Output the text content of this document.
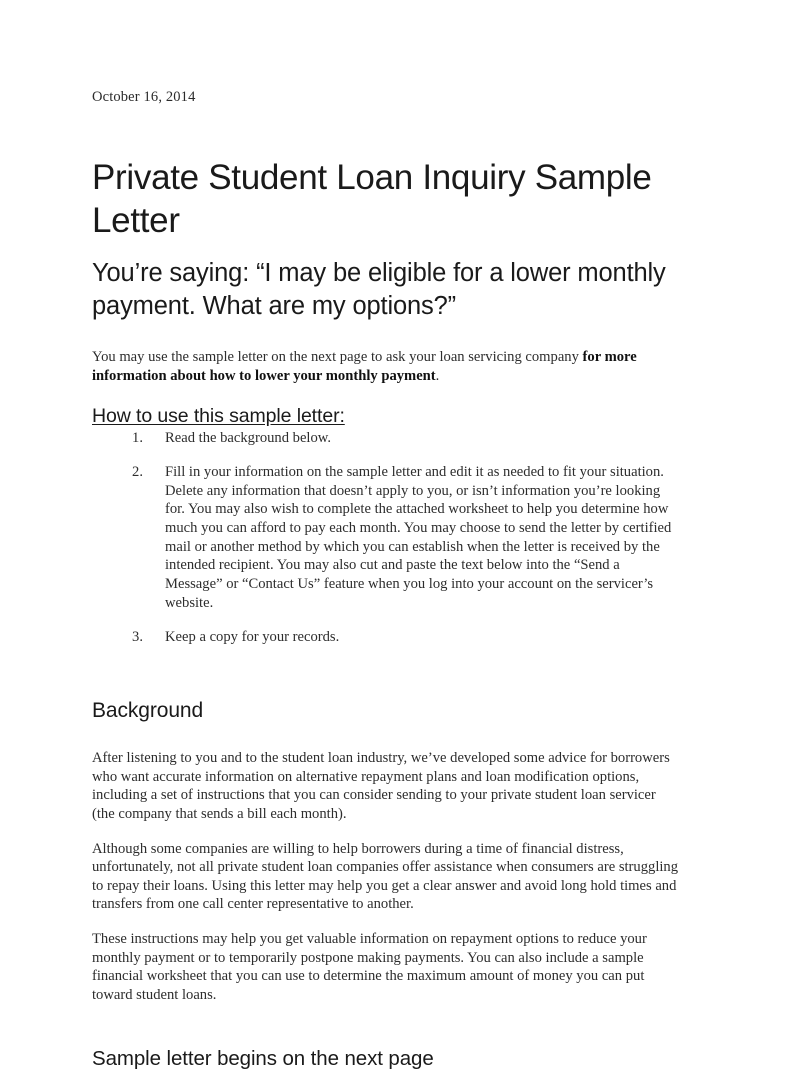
October 16, 2014
Private Student Loan Inquiry Sample Letter
You’re saying: “I may be eligible for a lower monthly payment. What are my options?”

You may use the sample letter on the next page to ask your loan servicing company for more information about how to lower your monthly payment.

How to use this sample letter:
Read the background below.
Fill in your information on the sample letter and edit it as needed to fit your situation. Delete any information that doesn’t apply to you, or isn’t information you’re looking for. You may also wish to complete the attached worksheet to help you determine how much you can afford to pay each month. You may choose to send the letter by certified mail or another method by which you can establish when the letter is received by the intended recipient. You may also cut and paste the text below into the “Send a Message” or “Contact Us” feature when you log into your account on the servicer’s website.
Keep a copy for your records.
Background

After listening to you and to the student loan industry, we’ve developed some advice for borrowers who want accurate information on alternative repayment plans and loan modification options, including a set of instructions that you can consider sending to your private student loan servicer (the company that sends a bill each month).

Although some companies are willing to help borrowers during a time of financial distress, unfortunately, not all private student loan companies offer assistance when consumers are struggling to repay their loans. Using this letter may help you get a clear answer and avoid long hold times and transfers from one call center representative to another.

These instructions may help you get valuable information on repayment options to reduce your monthly payment or to temporarily postpone making payments. You can also include a sample financial worksheet that you can use to determine the maximum amount of money you can put toward student loans.

Sample letter begins on the next page
